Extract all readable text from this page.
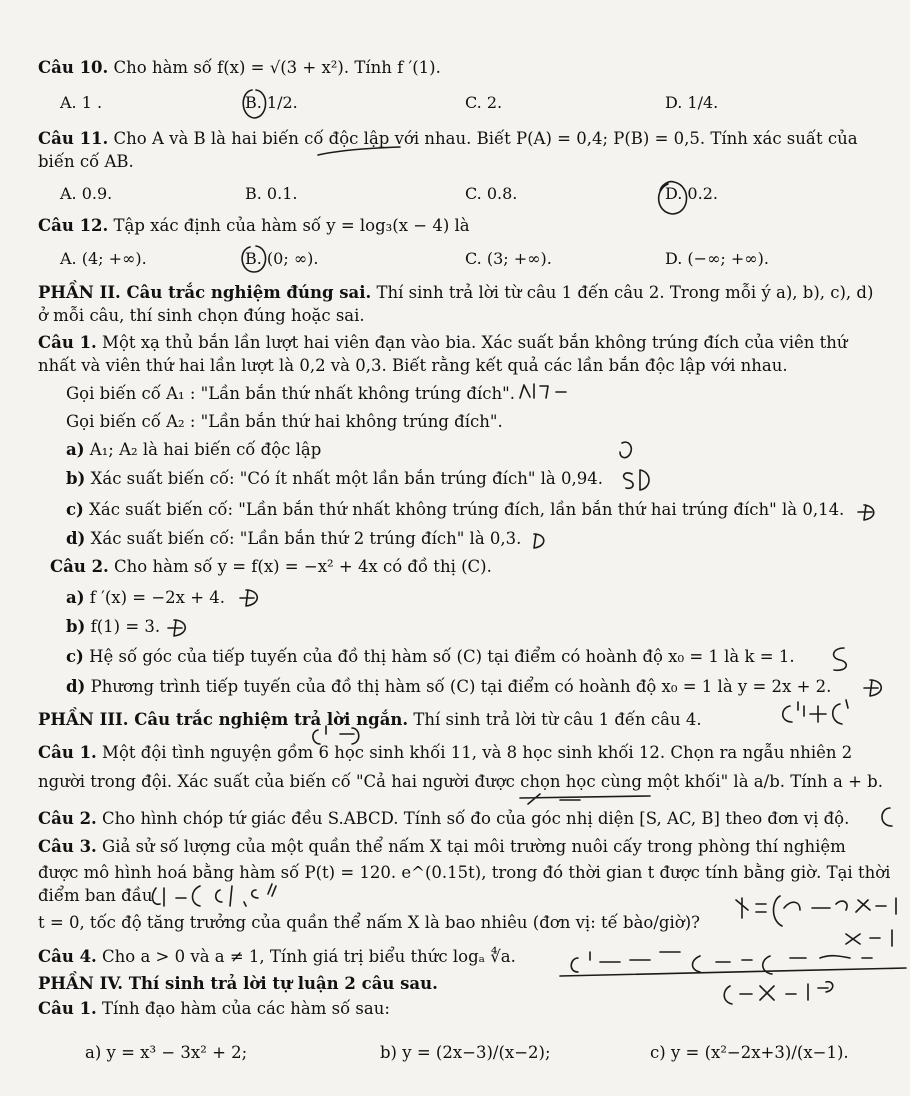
Câu 10. Cho hàm số f(x) = √(3 + x²). Tính f ′(1).
A. 1 .	B. 1/2.	C. 2.	D. 1/4.
Câu 11. Cho A và B là hai biến cố độc lập với nhau. Biết P(A) = 0,4; P(B) = 0,5. Tính xác suất của
biến cố AB.
A. 0.9.	B. 0.1.	C. 0.8.	D. 0.2.
Câu 12. Tập xác định của hàm số y = log₃(x − 4) là
A. (4; +∞).	B. (0; ∞).	C. (3; +∞).	D. (−∞; +∞).
PHẦN II. Câu trắc nghiệm đúng sai. Thí sinh trả lời từ câu 1 đến câu 2. Trong mỗi ý a), b), c), d)
ở mỗi câu, thí sinh chọn đúng hoặc sai.
Câu 1. Một xạ thủ bắn lần lượt hai viên đạn vào bia. Xác suất bắn không trúng đích của viên thứ
nhất và viên thứ hai lần lượt là 0,2 và 0,3. Biết rằng kết quả các lần bắn độc lập với nhau.
Gọi biến cố A₁ : "Lần bắn thứ nhất không trúng đích".
Gọi biến cố A₂ : "Lần bắn thứ hai không trúng đích".
a) A₁; A₂ là hai biến cố độc lập
b) Xác suất biến cố: "Có ít nhất một lần bắn trúng đích" là 0,94.
c) Xác suất biến cố: "Lần bắn thứ nhất không trúng đích, lần bắn thứ hai trúng đích" là 0,14.
d) Xác suất biến cố: "Lần bắn thứ 2 trúng đích" là 0,3.
Câu 2. Cho hàm số y = f(x) = −x² + 4x có đồ thị (C).
a) f ′(x) = −2x + 4.
b) f(1) = 3.
c) Hệ số góc của tiếp tuyến của đồ thị hàm số (C) tại điểm có hoành độ x₀ = 1 là k = 1.
d) Phương trình tiếp tuyến của đồ thị hàm số (C) tại điểm có hoành độ x₀ = 1 là y = 2x + 2.
PHẦN III. Câu trắc nghiệm trả lời ngắn. Thí sinh trả lời từ câu 1 đến câu 4.
Câu 1. Một đội tình nguyện gồm 6 học sinh khối 11, và 8 học sinh khối 12. Chọn ra ngẫu nhiên 2
người trong đội. Xác suất của biến cố "Cả hai người được chọn học cùng một khối" là a/b. Tính a + b.
Câu 2. Cho hình chóp tứ giác đều S.ABCD. Tính số đo của góc nhị diện [S, AC, B] theo đơn vị độ.
Câu 3. Giả sử số lượng của một quần thể nấm X tại môi trường nuôi cấy trong phòng thí nghiệm
được mô hình hoá bằng hàm số P(t) = 120. e^(0.15t), trong đó thời gian t được tính bằng giờ. Tại thời
điểm ban đầu
t = 0, tốc độ tăng trưởng của quần thể nấm X là bao nhiêu (đơn vị: tế bào/giờ)?
Câu 4. Cho a > 0 và a ≠ 1, Tính giá trị biểu thức logₐ ∜a.
PHẦN IV. Thí sinh trả lời tự luận 2 câu sau.
Câu 1. Tính đạo hàm của các hàm số sau:
a) y = x³ − 3x² + 2;	b) y = (2x−3)/(x−2);	c) y = (x²−2x+3)/(x−1).
